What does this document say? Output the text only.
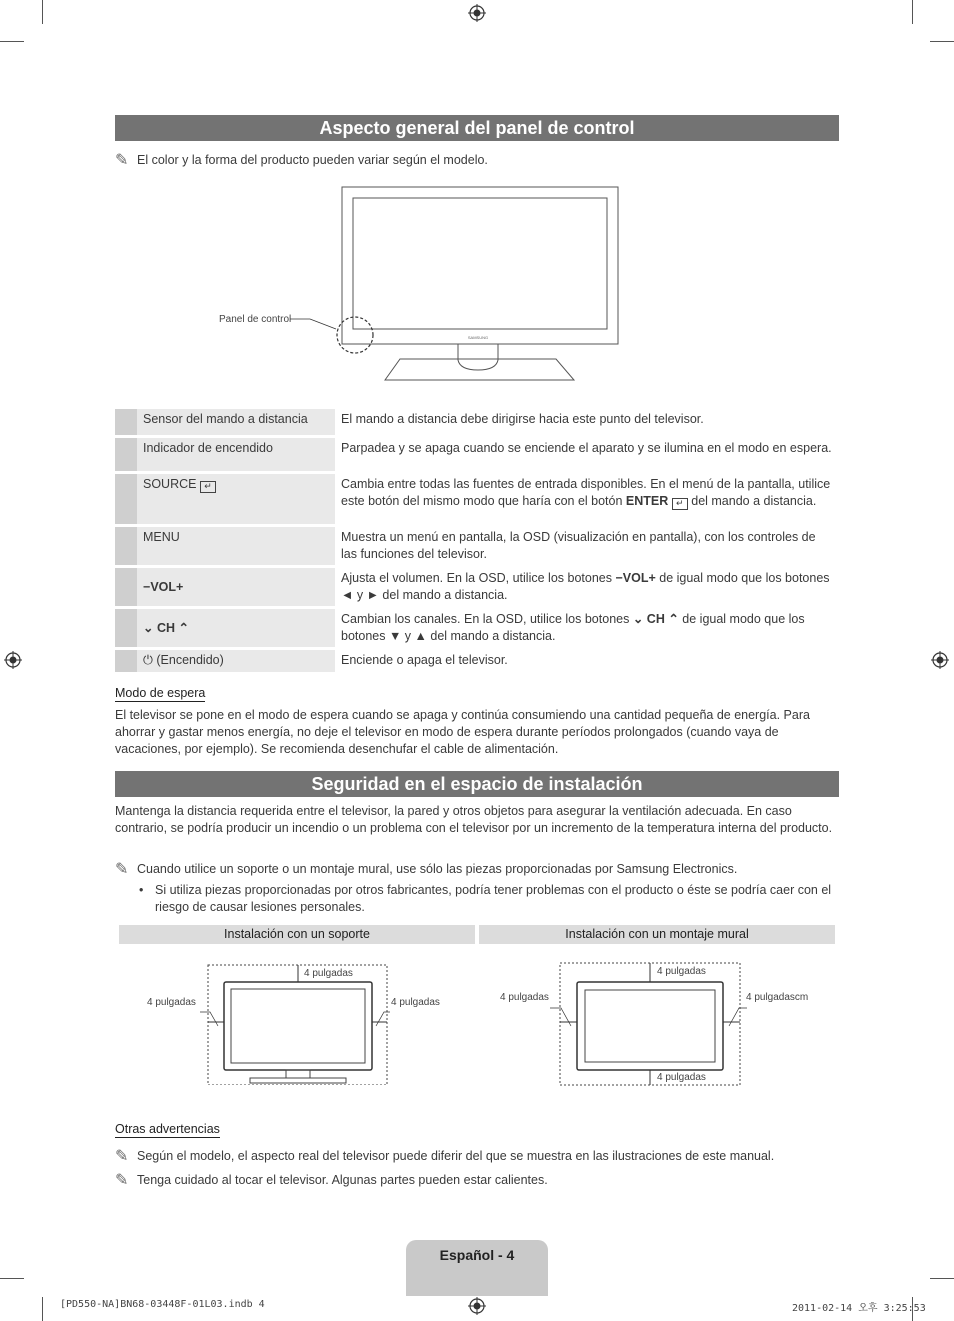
Aspecto general del panel de control
✎ El color y la forma del producto pueden variar según el modelo.
SAMSUNG
Panel de control
	Sensor del mando a distancia	El mando a distancia debe dirigirse hacia este punto del televisor.
	Indicador de encendido	Parpadea y se apaga cuando se enciende el aparato y se ilumina en el modo en espera.
	SOURCE ↵	Cambia entre todas las fuentes de entrada disponibles. En el menú de la pantalla, utilice este botón del mismo modo que haría con el botón ENTER ↵ del mando a distancia.
	MENU	Muestra un menú en pantalla, la OSD (visualización en pantalla), con los controles de las funciones del televisor.
	−VOL+	Ajusta el volumen. En la OSD, utilice los botones −VOL+ de igual modo que los botones ◄ y ► del mando a distancia.
	⌄ CH ⌃	Cambian los canales. En la OSD, utilice los botones ⌄ CH ⌃ de igual modo que los botones ▼ y ▲ del mando a distancia.
	⏻ (Encendido)	Enciende o apaga el televisor.
Modo de espera
El televisor se pone en el modo de espera cuando se apaga y continúa consumiendo una cantidad pequeña de energía. Para ahorrar y gastar menos energía, no deje el televisor en modo de espera durante períodos prolongados (cuando vaya de vacaciones, por ejemplo). Se recomienda desenchufar el cable de alimentación.
Seguridad en el espacio de instalación
Mantenga la distancia requerida entre el televisor, la pared y otros objetos para asegurar la ventilación adecuada. En caso contrario, se podría producir un incendio o un problema con el televisor por un incremento de la temperatura interna del producto.
✎ Cuando utilice un soporte o un montaje mural, use sólo las piezas proporcionadas por Samsung Electronics.
• Si utiliza piezas proporcionadas por otros fabricantes, podría tener problemas con el producto o éste se podría caer con el riesgo de causar lesiones personales.
Instalación con un soporte	Instalación con un montaje mural
4 pulgadas
4 pulgadas	4 pulgadas
4 pulgadas
4 pulgadas	4 pulgadascm
4 pulgadas
Otras advertencias
✎ Según el modelo, el aspecto real del televisor puede diferir del que se muestra en las ilustraciones de este manual.
✎ Tenga cuidado al tocar el televisor. Algunas partes pueden estar calientes.
Español - 4
[PD550-NA]BN68-03448F-01L03.indb 4	2011-02-14 오후 3:25:53
